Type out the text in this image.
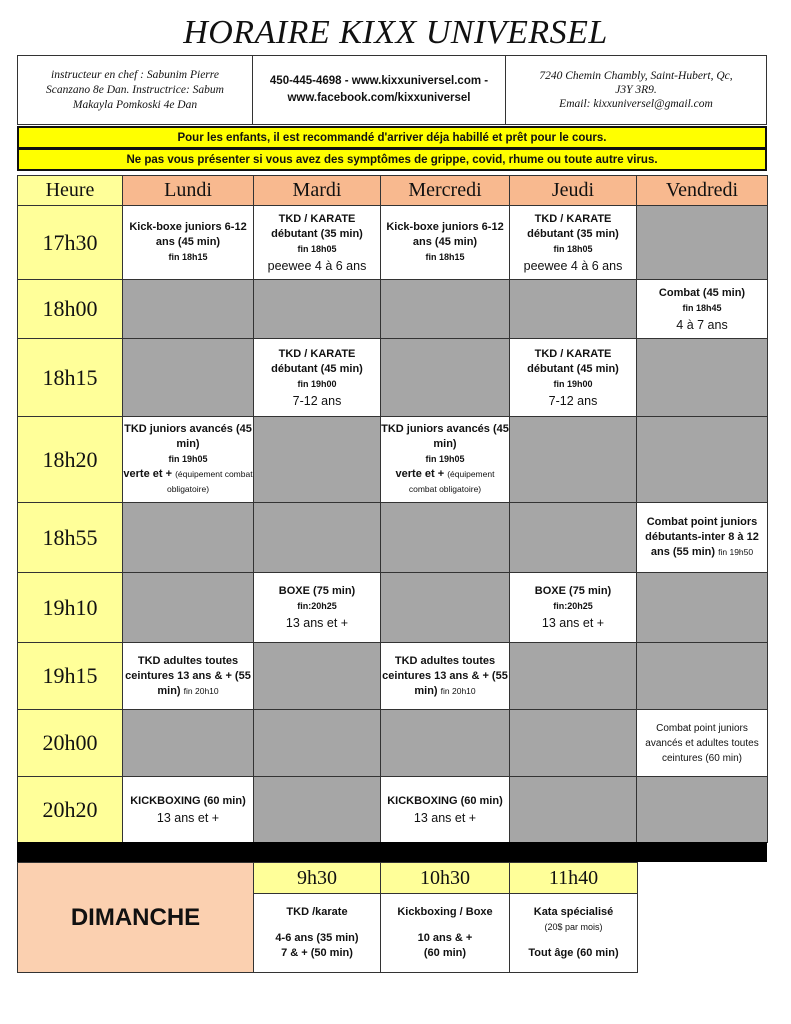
HORAIRE KIXX UNIVERSEL
instructeur en chef : Sabunim Pierre Scanzano 8e Dan. Instructrice: Sabum Makayla Pomkoski 4e Dan
450-445-4698 - www.kixxuniversel.com -
www.facebook.com/kixxuniversel
7240 Chemin Chambly, Saint-Hubert, Qc,
J3Y 3R9.
Email: kixxuniversel@gmail.com
Pour les enfants, il est recommandé d'arriver déja habillé et prêt pour le cours.
Ne pas vous présenter si vous avez des symptômes de grippe, covid, rhume ou toute autre virus.
Heure	Lundi	Mardi	Mercredi	Jeudi	Vendredi
17h30	Kick-boxe juniors 6-12 ans (45 min)
fin 18h15	TKD / KARATE débutant (35 min)
fin 18h05
peewee 4 à 6 ans	Kick-boxe juniors 6-12 ans (45 min)
fin 18h15	TKD / KARATE débutant (35 min)
fin 18h05
peewee 4 à 6 ans	

18h00					Combat (45 min)
fin 18h45
4 à 7 ans

18h15		TKD / KARATE débutant (45 min)
fin 19h00
7-12 ans		TKD / KARATE débutant (45 min)
fin 19h00
7-12 ans	

18h20	TKD juniors avancés (45 min)
fin 19h05
verte et + (équipement combat obligatoire)		TKD juniors avancés (45 min)
fin 19h05
verte et + (équipement combat obligatoire)		

18h55					Combat point juniors débutants-inter 8 à 12 ans (55 min) fin 19h50

19h10		BOXE (75 min)
fin:20h25
13 ans et +		BOXE (75 min)
fin:20h25
13 ans et +	

19h15	TKD adultes toutes ceintures 13 ans & + (55 min) fin 20h10		TKD adultes toutes ceintures 13 ans & + (55 min) fin 20h10		

20h00					Combat point juniors avancés et adultes toutes ceintures (60 min)

20h20	KICKBOXING (60 min)
13 ans et +		KICKBOXING (60 min)
13 ans et +		

DIMANCHE
9h30
TKD /karate
4-6 ans (35 min)
7 & + (50 min)
10h30
Kickboxing / Boxe
10 ans & +
(60 min)
11h40
Kata spécialisé
(20$ par mois)
Tout âge (60 min)
